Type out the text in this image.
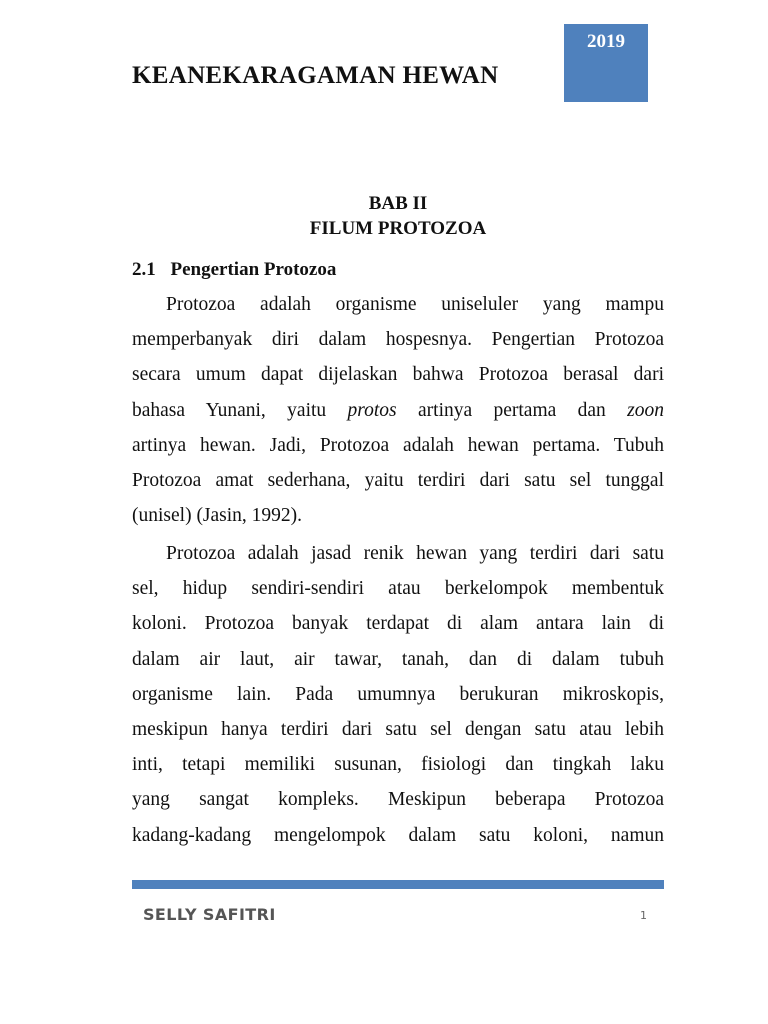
KEANEKARAGAMAN HEWAN
2019
BAB II
FILUM PROTOZOA
2.1 Pengertian Protozoa
Protozoa adalah organisme uniseluler yang mampu
memperbanyak diri dalam hospesnya. Pengertian Protozoa
secara umum dapat dijelaskan bahwa Protozoa berasal dari
bahasa Yunani, yaitu protos artinya pertama dan zoon
artinya hewan. Jadi, Protozoa adalah hewan pertama. Tubuh
Protozoa amat sederhana, yaitu terdiri dari satu sel tunggal
(unisel) (Jasin, 1992).
Protozoa adalah jasad renik hewan yang terdiri dari satu
sel, hidup sendiri-sendiri atau berkelompok membentuk
koloni. Protozoa banyak terdapat di alam antara lain di
dalam air laut, air tawar, tanah, dan di dalam tubuh
organisme lain. Pada umumnya berukuran mikroskopis,
meskipun hanya terdiri dari satu sel dengan satu atau lebih
inti, tetapi memiliki susunan, fisiologi dan tingkah laku
yang sangat kompleks. Meskipun beberapa Protozoa
kadang-kadang mengelompok dalam satu koloni, namun
SELLY SAFITRI	1
